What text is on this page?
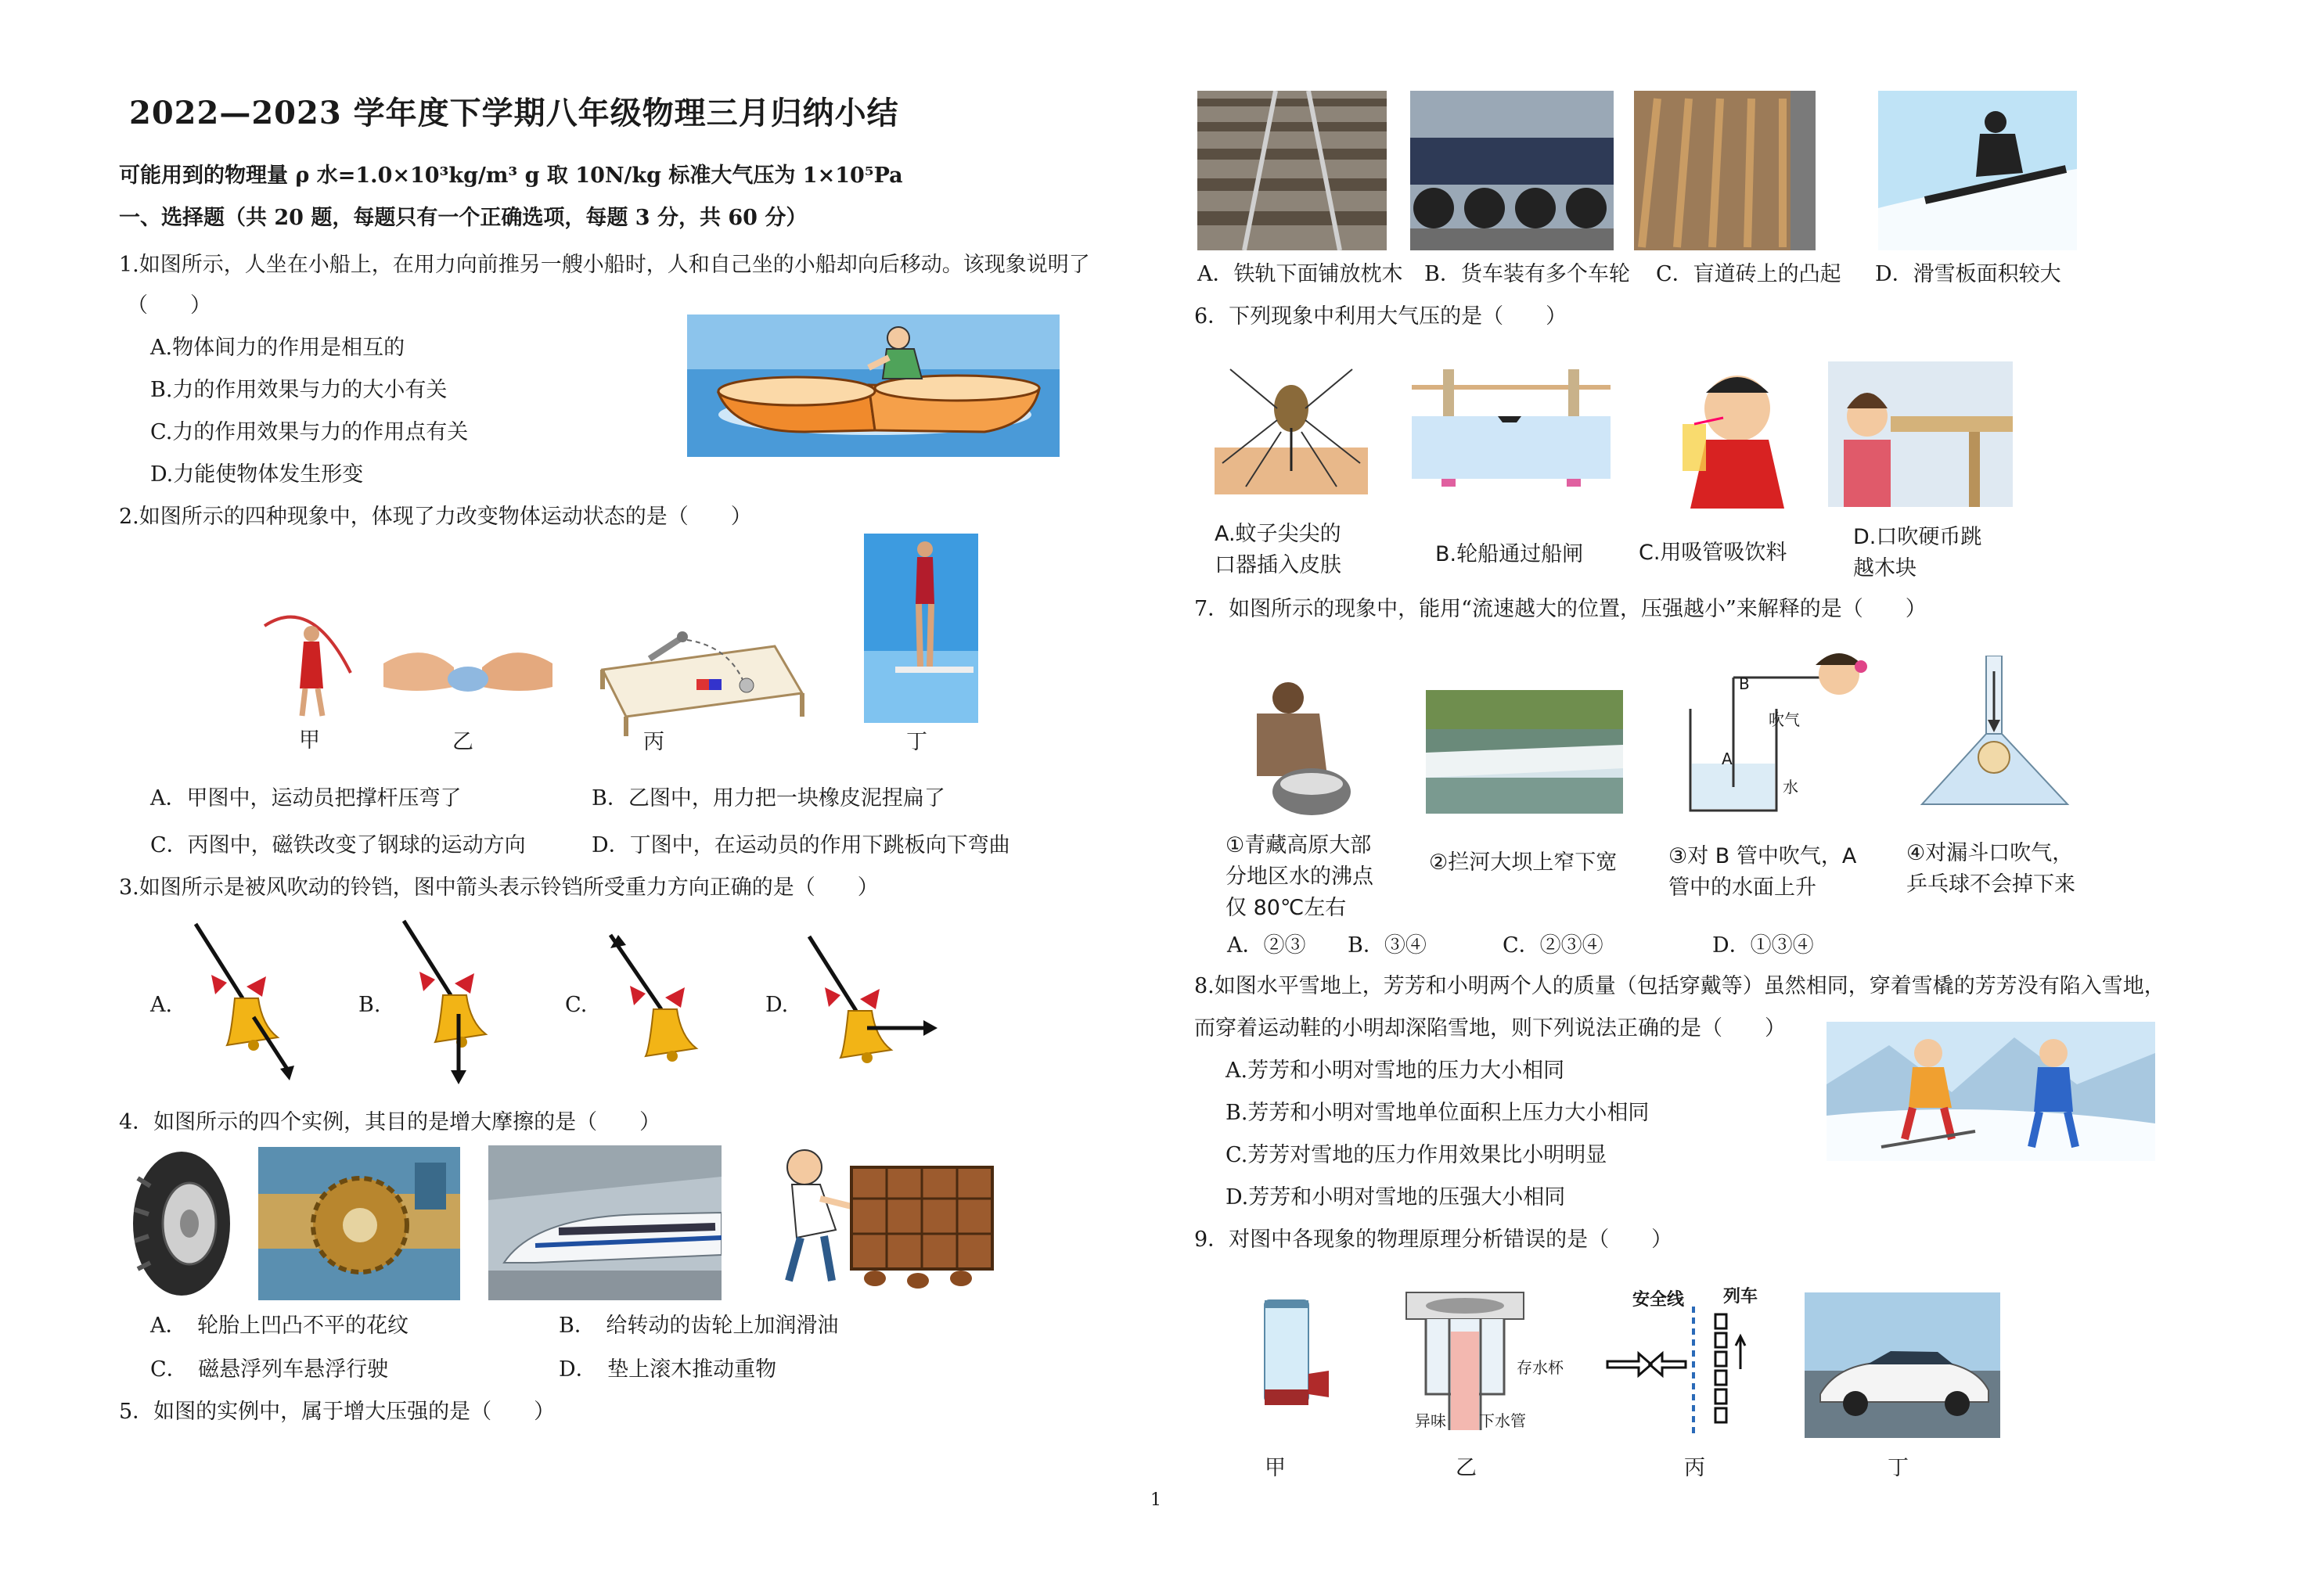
2022—2023 学年度下学期八年级物理三月归纳小结
可能用到的物理量 ρ 水=1.0×10³kg/m³ g 取 10N/kg 标准大气压为 1×10⁵Pa
一、选择题（共 20 题，每题只有一个正确选项，每题 3 分，共 60 分）
1.如图所示，人坐在小船上，在用力向前推另一艘小船时，人和自己坐的小船却向后移动。该现象说明了
（　　）
A.物体间力的作用是相互的
B.力的作用效果与力的大小有关
C.力的作用效果与力的作用点有关
D.力能使物体发生形变
2.如图所示的四种现象中，体现了力改变物体运动状态的是（　　）
甲	乙	丙	丁
A．甲图中，运动员把撑杆压弯了	B．乙图中，用力把一块橡皮泥捏扁了
C．丙图中，磁铁改变了钢球的运动方向	D．丁图中，在运动员的作用下跳板向下弯曲
3.如图所示是被风吹动的铃铛，图中箭头表示铃铛所受重力方向正确的是（　　）
A.	B.	C.	D.
4．如图所示的四个实例，其目的是增大摩擦的是（　　）
A．　轮胎上凹凸不平的花纹	B．　给转动的齿轮上加润滑油
C．　磁悬浮列车悬浮行驶	D．　垫上滚木推动重物
5．如图的实例中，属于增大压强的是（　　）
A．铁轨下面铺放枕木 B．货车装有多个车轮 C．盲道砖上的凸起 D．滑雪板面积较大
6．下列现象中利用大气压的是（　　）
A.蚊子尖尖的
口器插入皮肤	B.轮船通过船闸	C.用吸管吸饮料
D.口吹硬币跳
越木块
7．如图所示的现象中，能用“流速越大的位置，压强越小”来解释的是（　　）
B
吹气
A
水
①青藏高原大部
分地区水的沸点
仅 80℃左右
②拦河大坝上窄下宽 ③对 B 管中吹气，A
管中的水面上升
④对漏斗口吹气，
乒乓球不会掉下来
A．②③ B．③④	C．②③④	D．①③④
8.如图水平雪地上，芳芳和小明两个人的质量（包括穿戴等）虽然相同，穿着雪橇的芳芳没有陷入雪地，
而穿着运动鞋的小明却深陷雪地，则下列说法正确的是（　　）
A.芳芳和小明对雪地的压力大小相同
B.芳芳和小明对雪地单位面积上压力大小相同
C.芳芳对雪地的压力作用效果比小明明显
D.芳芳和小明对雪地的压强大小相同
9．对图中各现象的物理原理分析错误的是（　　）
存水杯
异味 下水管
安全线 列车
甲	乙	丙	丁
1
